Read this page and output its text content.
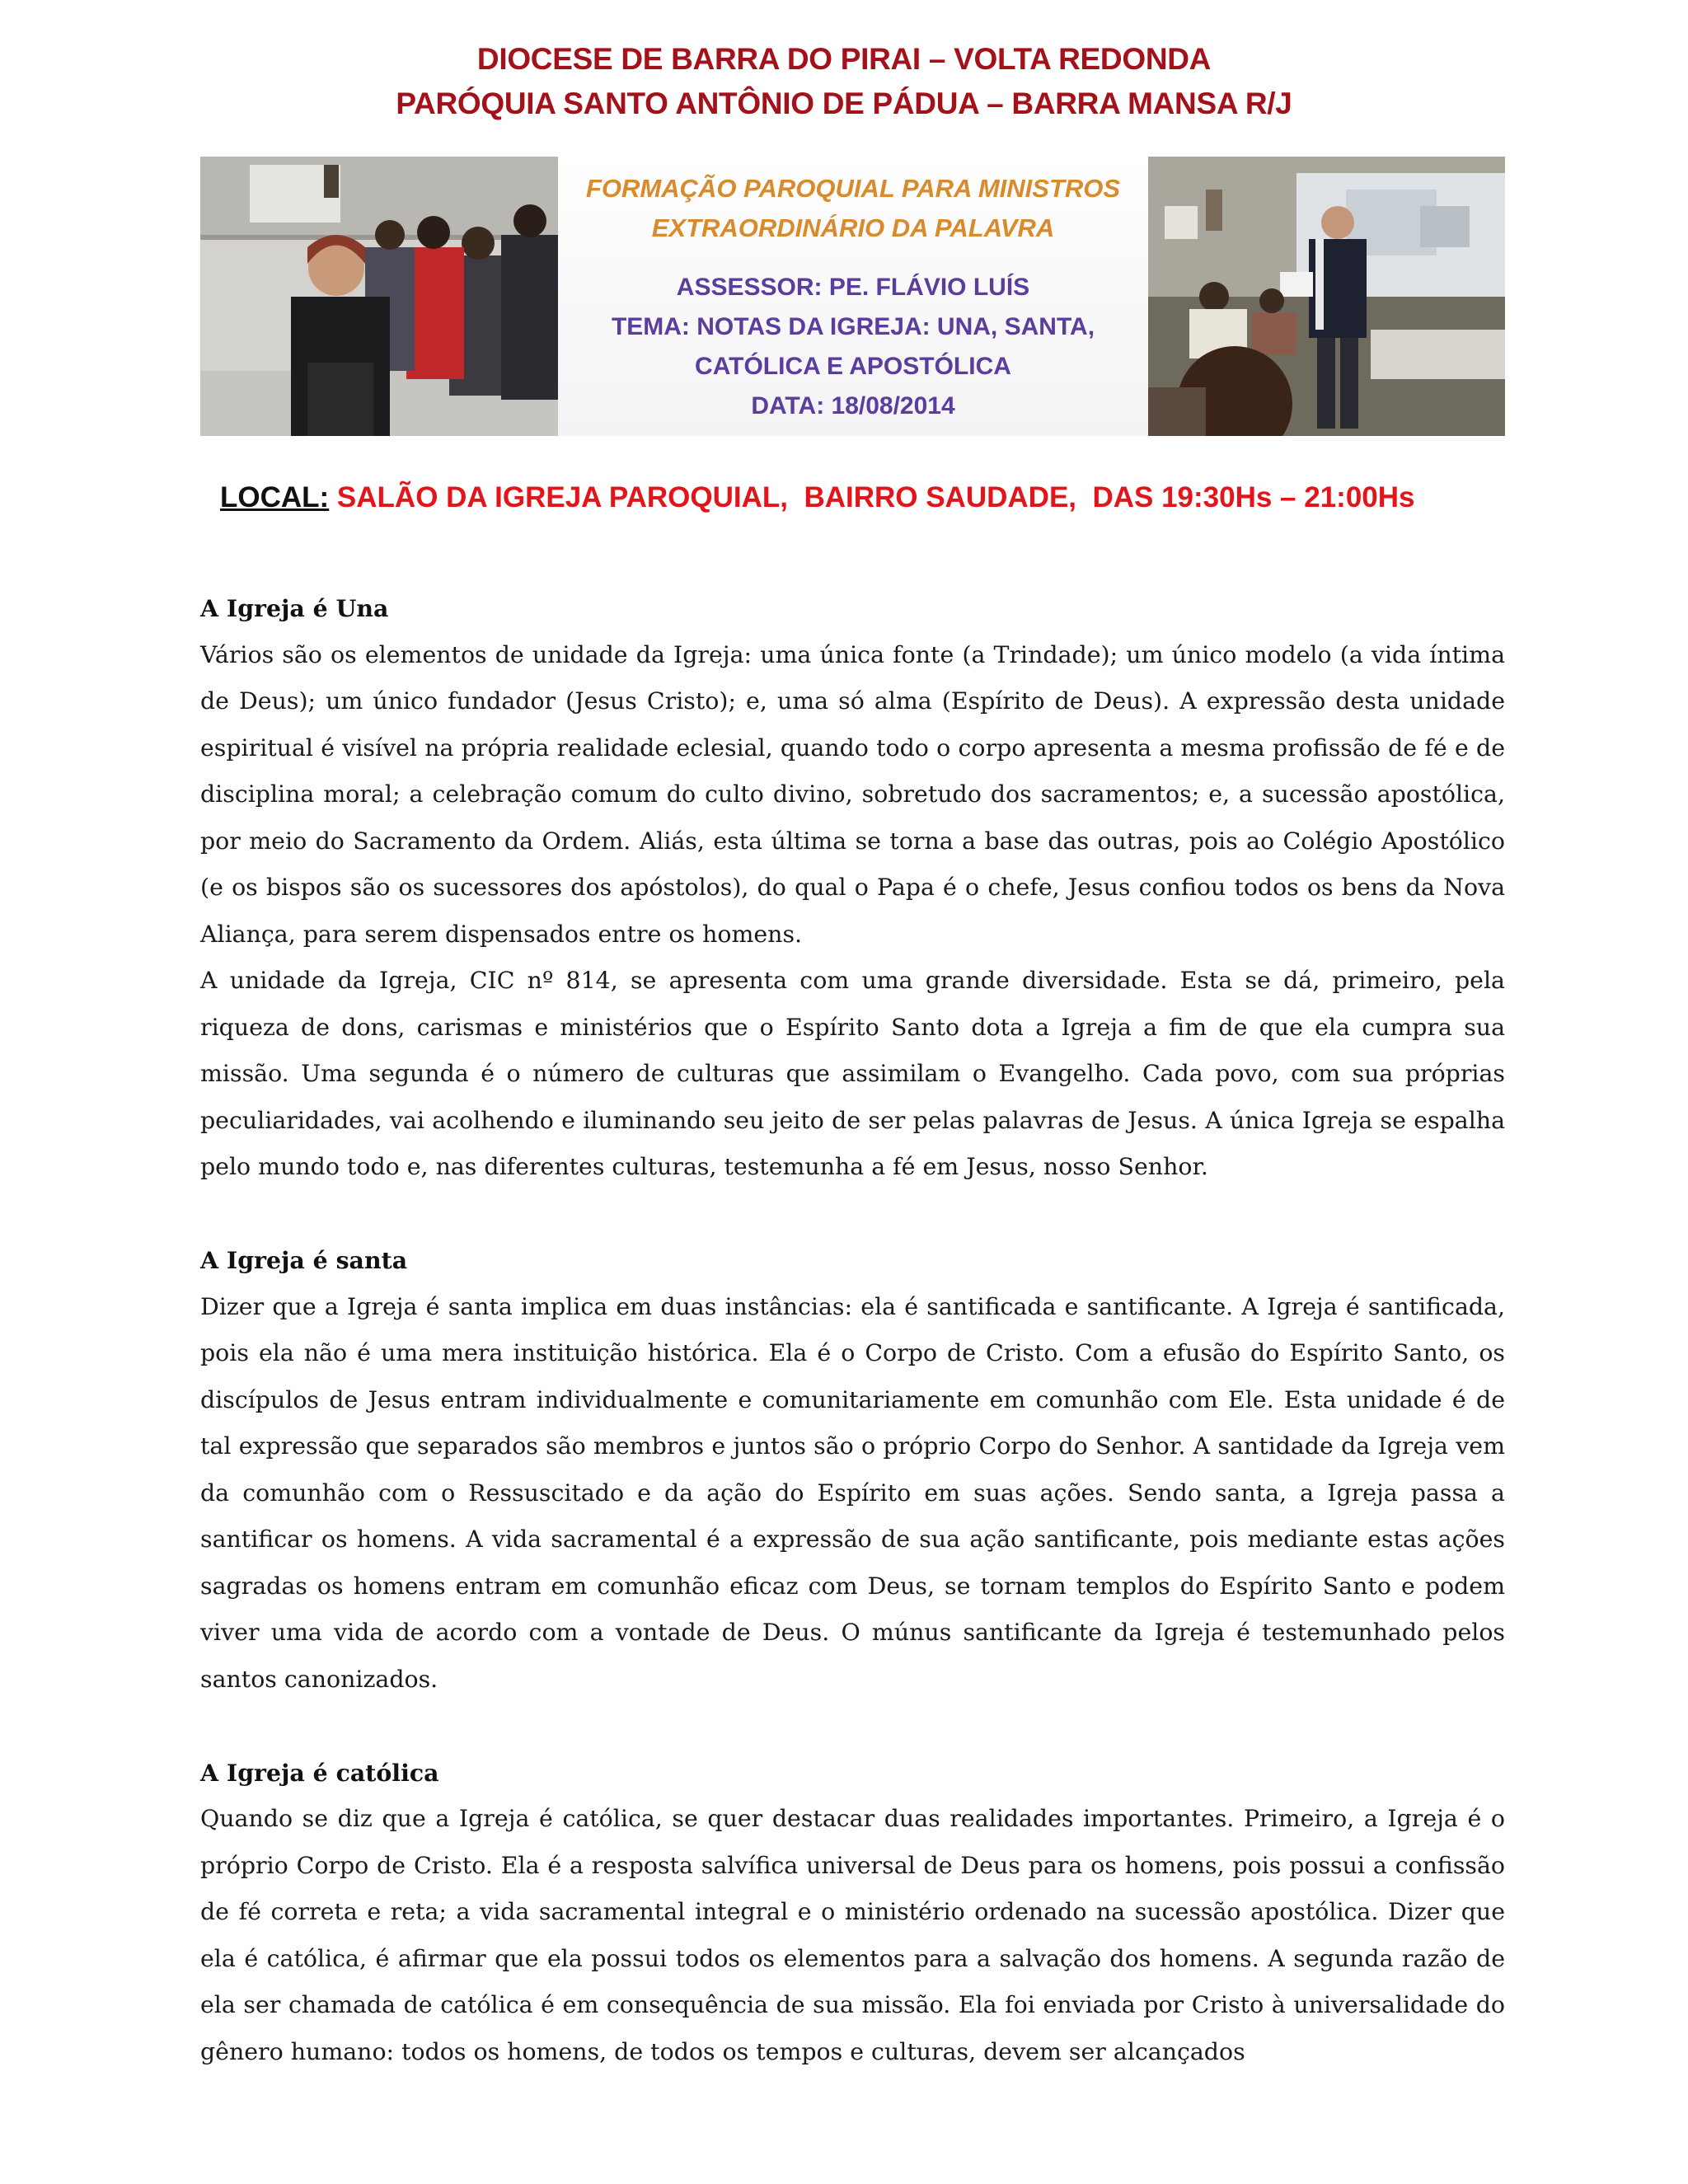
DIOCESE DE BARRA DO PIRAI – VOLTA REDONDA
PARÓQUIA SANTO ANTÔNIO DE PÁDUA – BARRA MANSA R/J
FORMAÇÃO PAROQUIAL PARA MINISTROS
EXTRAORDINÁRIO DA PALAVRA
ASSESSOR: PE. FLÁVIO LUÍS
TEMA: NOTAS DA IGREJA: UNA, SANTA,
CATÓLICA E APOSTÓLICA
DATA: 18/08/2014
LOCAL: SALÃO DA IGREJA PAROQUIAL,  BAIRRO SAUDADE,  DAS 19:30Hs – 21:00Hs
A Igreja é Una

Vários são os elementos de unidade da Igreja: uma única fonte (a Trindade); um único modelo (a vida íntima de Deus); um único fundador (Jesus Cristo); e, uma só alma (Espírito de Deus). A expressão desta unidade espiritual é visível na própria realidade eclesial, quando todo o corpo apresenta a mesma profissão de fé e de disciplina moral; a celebração comum do culto divino, sobretudo dos sacramentos; e, a sucessão apostólica, por meio do Sacramento da Ordem. Aliás, esta última se torna a base das outras, pois ao Colégio Apostólico (e os bispos são os sucessores dos apóstolos), do qual o Papa é o chefe, Jesus confiou todos os bens da Nova Aliança, para serem dispensados entre os homens.

A unidade da Igreja, CIC nº 814, se apresenta com uma grande diversidade. Esta se dá, primeiro, pela riqueza de dons, carismas e ministérios que o Espírito Santo dota a Igreja a fim de que ela cumpra sua missão. Uma segunda é o número de culturas que assimilam o Evangelho. Cada povo, com sua próprias peculiaridades, vai acolhendo e iluminando seu jeito de ser pelas palavras de Jesus. A única Igreja se espalha pelo mundo todo e, nas diferentes culturas, testemunha a fé em Jesus, nosso Senhor.

A Igreja é santa

Dizer que a Igreja é santa implica em duas instâncias: ela é santificada e santificante. A Igreja é santificada, pois ela não é uma mera instituição histórica. Ela é o Corpo de Cristo. Com a efusão do Espírito Santo, os discípulos de Jesus entram individualmente e comunitariamente em comunhão com Ele. Esta unidade é de tal expressão que separados são membros e juntos são o próprio Corpo do Senhor. A santidade da Igreja vem da comunhão com o Ressuscitado e da ação do Espírito em suas ações. Sendo santa, a Igreja passa a santificar os homens. A vida sacramental é a expressão de sua ação santificante, pois mediante estas ações sagradas os homens entram em comunhão eficaz com Deus, se tornam templos do Espírito Santo e podem viver uma vida de acordo com a vontade de Deus. O múnus santificante da Igreja é testemunhado pelos santos canonizados.

A Igreja é católica

Quando se diz que a Igreja é católica, se quer destacar duas realidades importantes. Primeiro, a Igreja é o próprio Corpo de Cristo. Ela é a resposta salvífica universal de Deus para os homens, pois possui a confissão de fé correta e reta; a vida sacramental integral e o ministério ordenado na sucessão apostólica. Dizer que ela é católica, é afirmar que ela possui todos os elementos para a salvação dos homens. A segunda razão de ela ser chamada de católica é em consequência de sua missão. Ela foi enviada por Cristo à universalidade do gênero humano: todos os homens, de todos os tempos e culturas, devem ser alcançados
